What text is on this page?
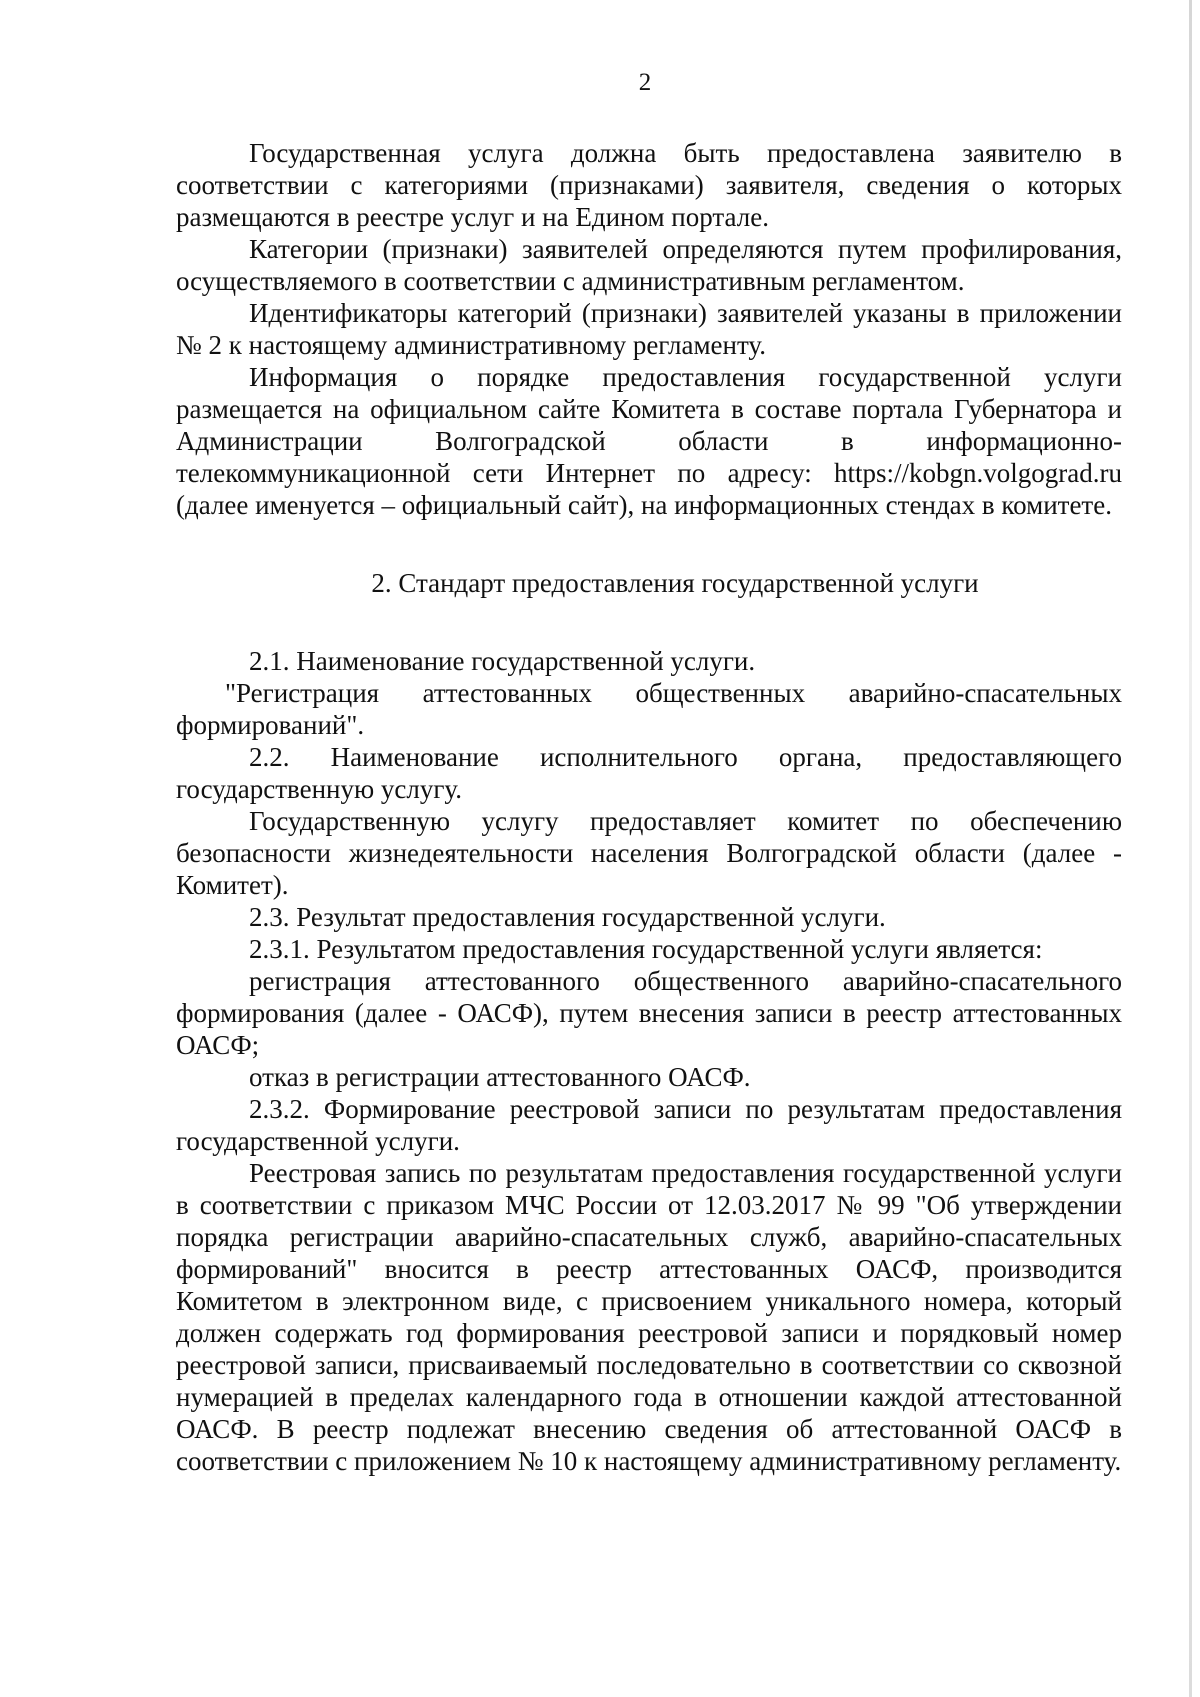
2

Государственная услуга должна быть предоставлена заявителю в соответствии с категориями (признаками) заявителя, сведения о которых размещаются в реестре услуг и на Едином портале.

Категории (признаки) заявителей определяются путем профилирования, осуществляемого в соответствии с административным регламентом.

Идентификаторы категорий (признаки) заявителей указаны в приложении № 2 к настоящему административному регламенту.

Информация о порядке предоставления государственной услуги размещается на официальном сайте Комитета в составе портала Губернатора и Администрации Волгоградской области в информационно-телекоммуникационной сети Интернет по адресу: https://kobgn.volgograd.ru (далее именуется – официальный сайт), на информационных стендах в комитете.

2. Стандарт предоставления государственной услуги

2.1. Наименование государственной услуги.

"Регистрация аттестованных общественных аварийно-спасательных формирований".

2.2. Наименование исполнительного органа, предоставляющего государственную услугу.

Государственную услугу предоставляет комитет по обеспечению безопасности жизнедеятельности населения Волгоградской области (далее - Комитет).

2.3. Результат предоставления государственной услуги.

2.3.1. Результатом предоставления государственной услуги является:

регистрация аттестованного общественного аварийно-спасательного формирования (далее - ОАСФ), путем внесения записи в реестр аттестованных ОАСФ;

отказ в регистрации аттестованного ОАСФ.

2.3.2. Формирование реестровой записи по результатам предоставления государственной услуги.

Реестровая запись по результатам предоставления государственной услуги в соответствии с приказом МЧС России от 12.03.2017 № 99 "Об утверждении порядка регистрации аварийно-спасательных служб, аварийно-спасательных формирований" вносится в реестр аттестованных ОАСФ, производится Комитетом в электронном виде, с присвоением уникального номера, который должен содержать год формирования реестровой записи и порядковый номер реестровой записи, присваиваемый последовательно в соответствии со сквозной нумерацией в пределах календарного года в отношении каждой аттестованной ОАСФ. В реестр подлежат внесению сведения об аттестованной ОАСФ в соответствии с приложением № 10 к настоящему административному регламенту.
